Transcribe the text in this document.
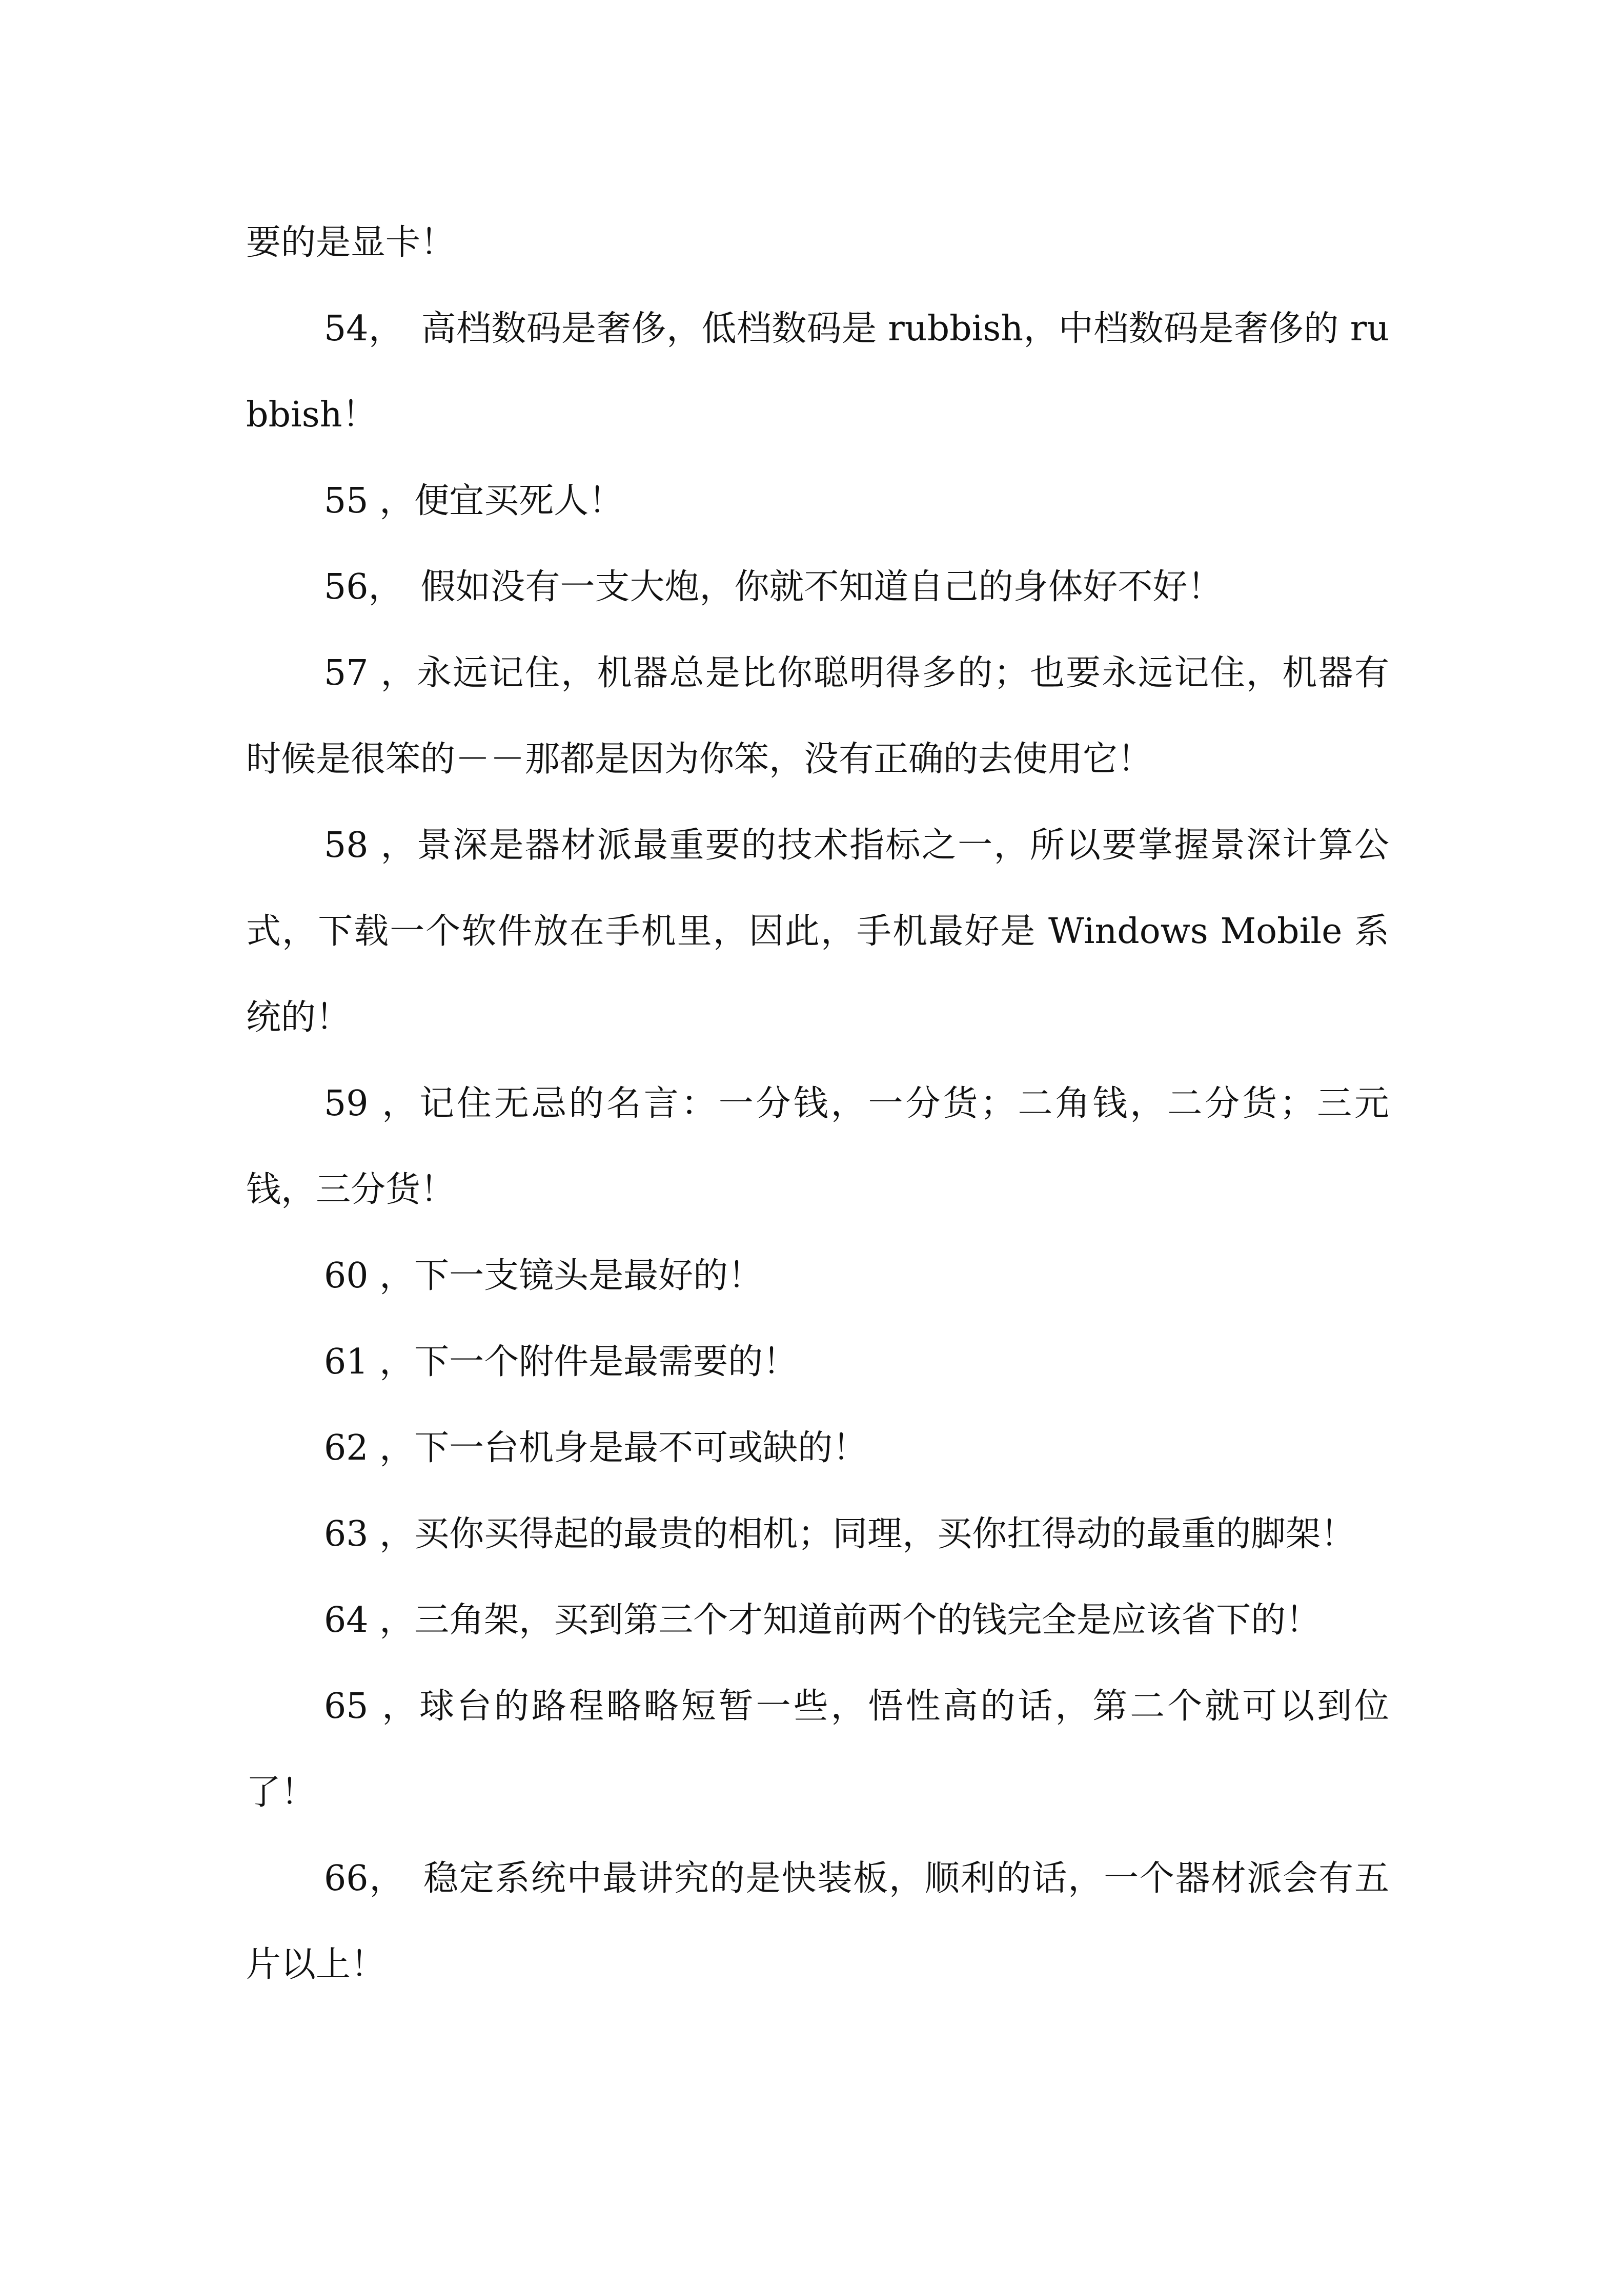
要的是显卡！

54，　高档数码是奢侈，低档数码是 rubbish，中档数码是奢侈的 rubbish！

55 ，便宜买死人！

56，　假如没有一支大炮，你就不知道自己的身体好不好！

57 ，永远记住，机器总是比你聪明得多的；也要永远记住，机器有时候是很笨的－－那都是因为你笨，没有正确的去使用它！

58 ，景深是器材派最重要的技术指标之一，所以要掌握景深计算公式，下载一个软件放在手机里，因此，手机最好是 Windows Mobile 系统的！

59 ，记住无忌的名言：一分钱，一分货；二角钱，二分货；三元钱，三分货！

60 ，下一支镜头是最好的！

61 ，下一个附件是最需要的！

62 ，下一台机身是最不可或缺的！

63 ，买你买得起的最贵的相机；同理，买你扛得动的最重的脚架！

64 ，三角架，买到第三个才知道前两个的钱完全是应该省下的！

65 ，球台的路程略略短暂一些，悟性高的话，第二个就可以到位了！

66，　稳定系统中最讲究的是快装板，顺利的话，一个器材派会有五片以上！
